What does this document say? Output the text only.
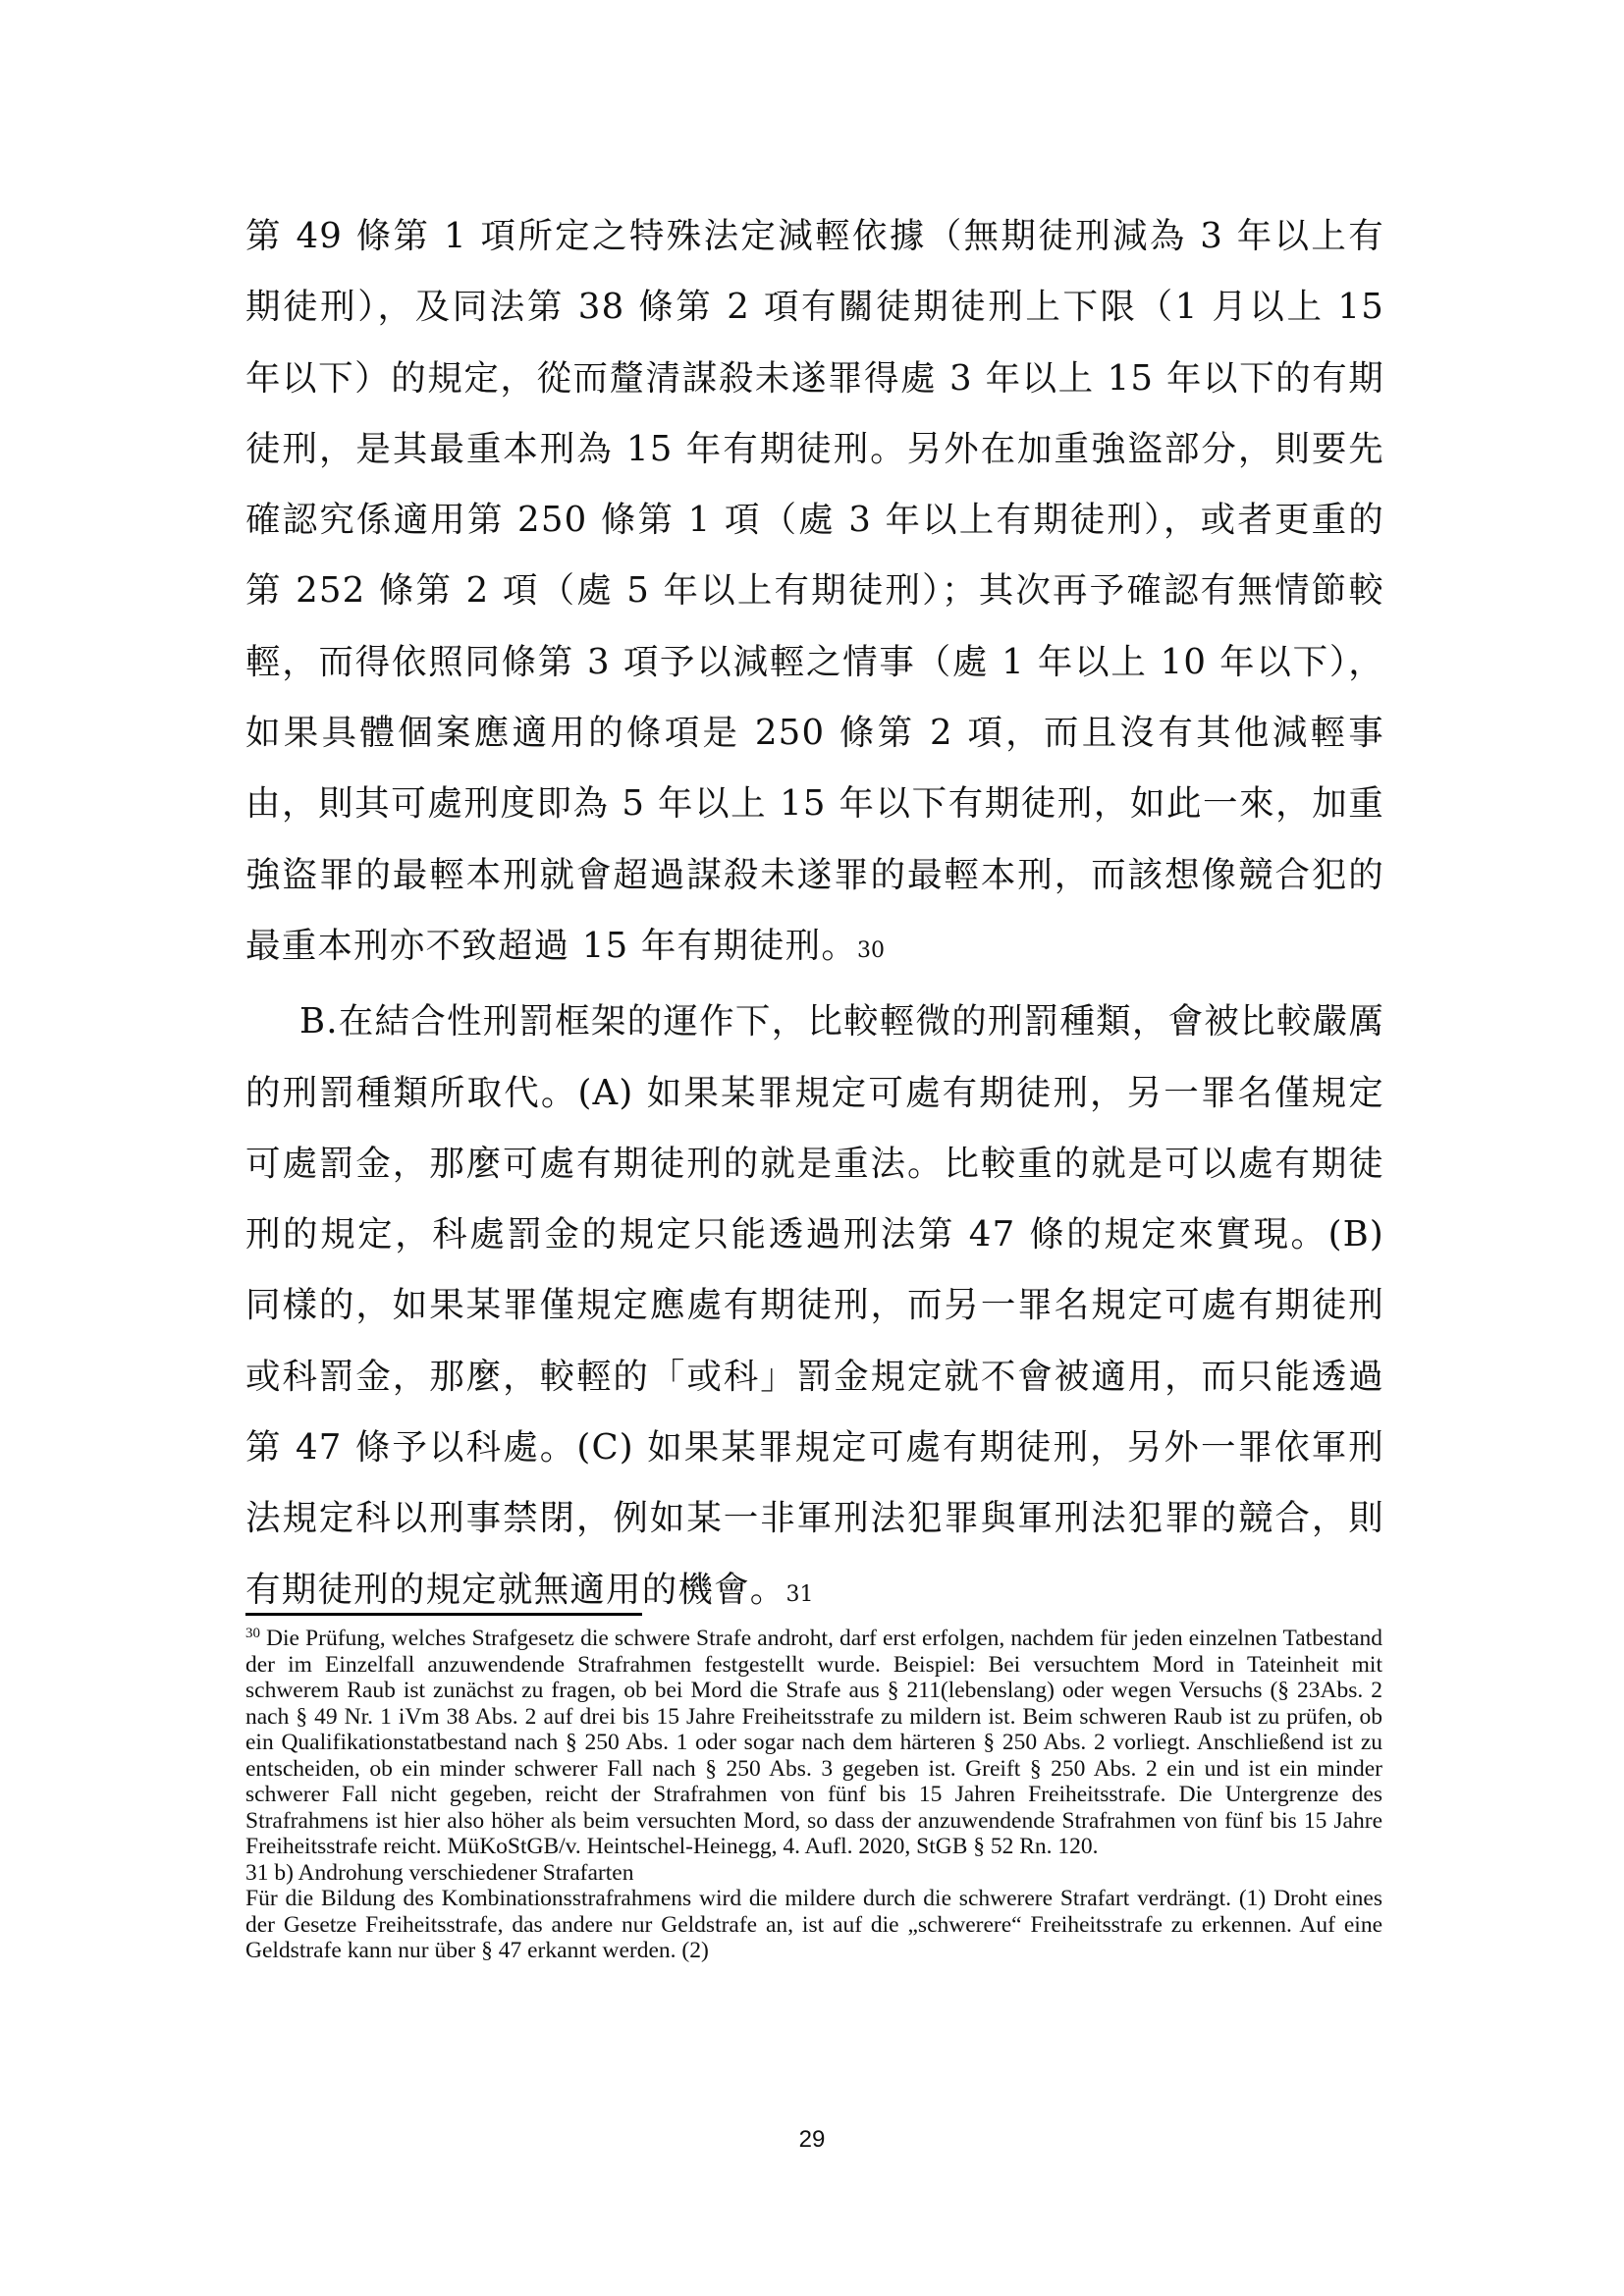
第 49 條第 1 項所定之特殊法定減輕依據（無期徒刑減為 3 年以上有期徒刑），及同法第 38 條第 2 項有關徒期徒刑上下限（1 月以上 15 年以下）的規定，從而釐清謀殺未遂罪得處 3 年以上 15 年以下的有期徒刑，是其最重本刑為 15 年有期徒刑。另外在加重強盜部分，則要先確認究係適用第 250 條第 1 項（處 3 年以上有期徒刑），或者更重的第 252 條第 2 項（處 5 年以上有期徒刑）；其次再予確認有無情節較輕，而得依照同條第 3 項予以減輕之情事（處 1 年以上 10 年以下），如果具體個案應適用的條項是 250 條第 2 項，而且沒有其他減輕事由，則其可處刑度即為 5 年以上 15 年以下有期徒刑，如此一來，加重強盜罪的最輕本刑就會超過謀殺未遂罪的最輕本刑，而該想像競合犯的最重本刑亦不致超過 15 年有期徒刑。30

B.在結合性刑罰框架的運作下，比較輕微的刑罰種類，會被比較嚴厲的刑罰種類所取代。(A) 如果某罪規定可處有期徒刑，另一罪名僅規定可處罰金，那麼可處有期徒刑的就是重法。比較重的就是可以處有期徒刑的規定，科處罰金的規定只能透過刑法第 47 條的規定來實現。(B) 同樣的，如果某罪僅規定應處有期徒刑，而另一罪名規定可處有期徒刑或科罰金，那麼，較輕的「或科」罰金規定就不會被適用，而只能透過第 47 條予以科處。(C) 如果某罪規定可處有期徒刑，另外一罪依軍刑法規定科以刑事禁閉，例如某一非軍刑法犯罪與軍刑法犯罪的競合，則有期徒刑的規定就無適用的機會。31

$^{30}$ Die Prüfung, welches Strafgesetz die schwere Strafe androht, darf erst erfolgen, nachdem für jeden einzelnen Tatbestand der im Einzelfall anzuwendende Strafrahmen festgestellt wurde. Beispiel: Bei versuchtem Mord in Tateinheit mit schwerem Raub ist zunächst zu fragen, ob bei Mord die Strafe aus § 211(lebenslang) oder wegen Versuchs (§ 23Abs. 2 nach § 49 Nr. 1 iVm 38 Abs. 2 auf drei bis 15 Jahre Freiheitsstrafe zu mildern ist. Beim schweren Raub ist zu prüfen, ob ein Qualifikationstatbestand nach § 250 Abs. 1 oder sogar nach dem härteren § 250 Abs. 2 vorliegt. Anschließend ist zu entscheiden, ob ein minder schwerer Fall nach § 250 Abs. 3 gegeben ist. Greift § 250 Abs. 2 ein und ist ein minder schwerer Fall nicht gegeben, reicht der Strafrahmen von fünf bis 15 Jahren Freiheitsstrafe. Die Untergrenze des Strafrahmens ist hier also höher als beim versuchten Mord, so dass der anzuwendende Strafrahmen von fünf bis 15 Jahre Freiheitsstrafe reicht. MüKoStGB/v. Heintschel-Heinegg, 4. Aufl. 2020, StGB § 52 Rn. 120.

31 b) Androhung verschiedener Strafarten

Für die Bildung des Kombinationsstrafrahmens wird die mildere durch die schwerere Strafart verdrängt. (1) Droht eines der Gesetze Freiheitsstrafe, das andere nur Geldstrafe an, ist auf die „schwerere“ Freiheitsstrafe zu erkennen. Auf eine Geldstrafe kann nur über § 47 erkannt werden. (2)

29
